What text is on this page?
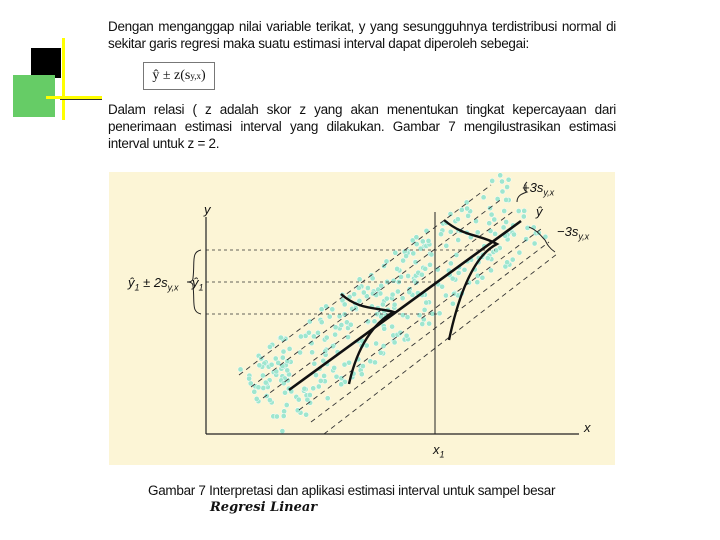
Dengan menganggap nilai variable terikat, y yang sesungguhnya terdistribusi normal di sekitar garis regresi maka suatu estimasi interval dapat diperoleh sebegai:
ŷ ± z(s y,x )
Dalam relasi ( z adalah skor z yang akan menentukan tingkat kepercayaan dari penerimaan estimasi interval yang dilakukan. Gambar 7 mengilustrasikan estimasi interval untuk z = 2.
y
x
$x_1$
$+3s_{y,x}$
ŷ
$-3s_{y,x}$
$ŷ_1 \pm 2s_{y,x}$ $ŷ_1$
Gambar 7 Interpretasi dan aplikasi estimasi interval untuk sampel besar
Regresi Linear
